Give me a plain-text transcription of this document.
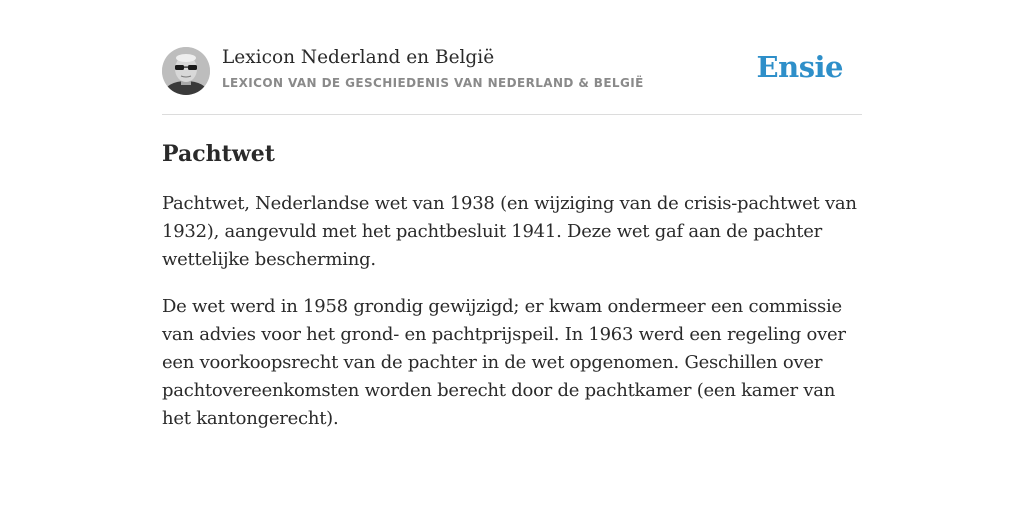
Lexicon Nederland en België
LEXICON VAN DE GESCHIEDENIS VAN NEDERLAND & BELGIË	Ensie
Pachtwet

Pachtwet, Nederlandse wet van 1938 (en wijziging van de crisis-pachtwet van 1932), aangevuld met het pachtbesluit 1941. Deze wet gaf aan de pachter wettelijke bescherming.

De wet werd in 1958 grondig gewijzigd; er kwam ondermeer een commissie van advies voor het grond- en pachtprijspeil. In 1963 werd een regeling over een voorkoopsrecht van de pachter in de wet opgenomen. Geschillen over pachtovereenkomsten worden berecht door de pachtkamer (een kamer van het kantongerecht).
